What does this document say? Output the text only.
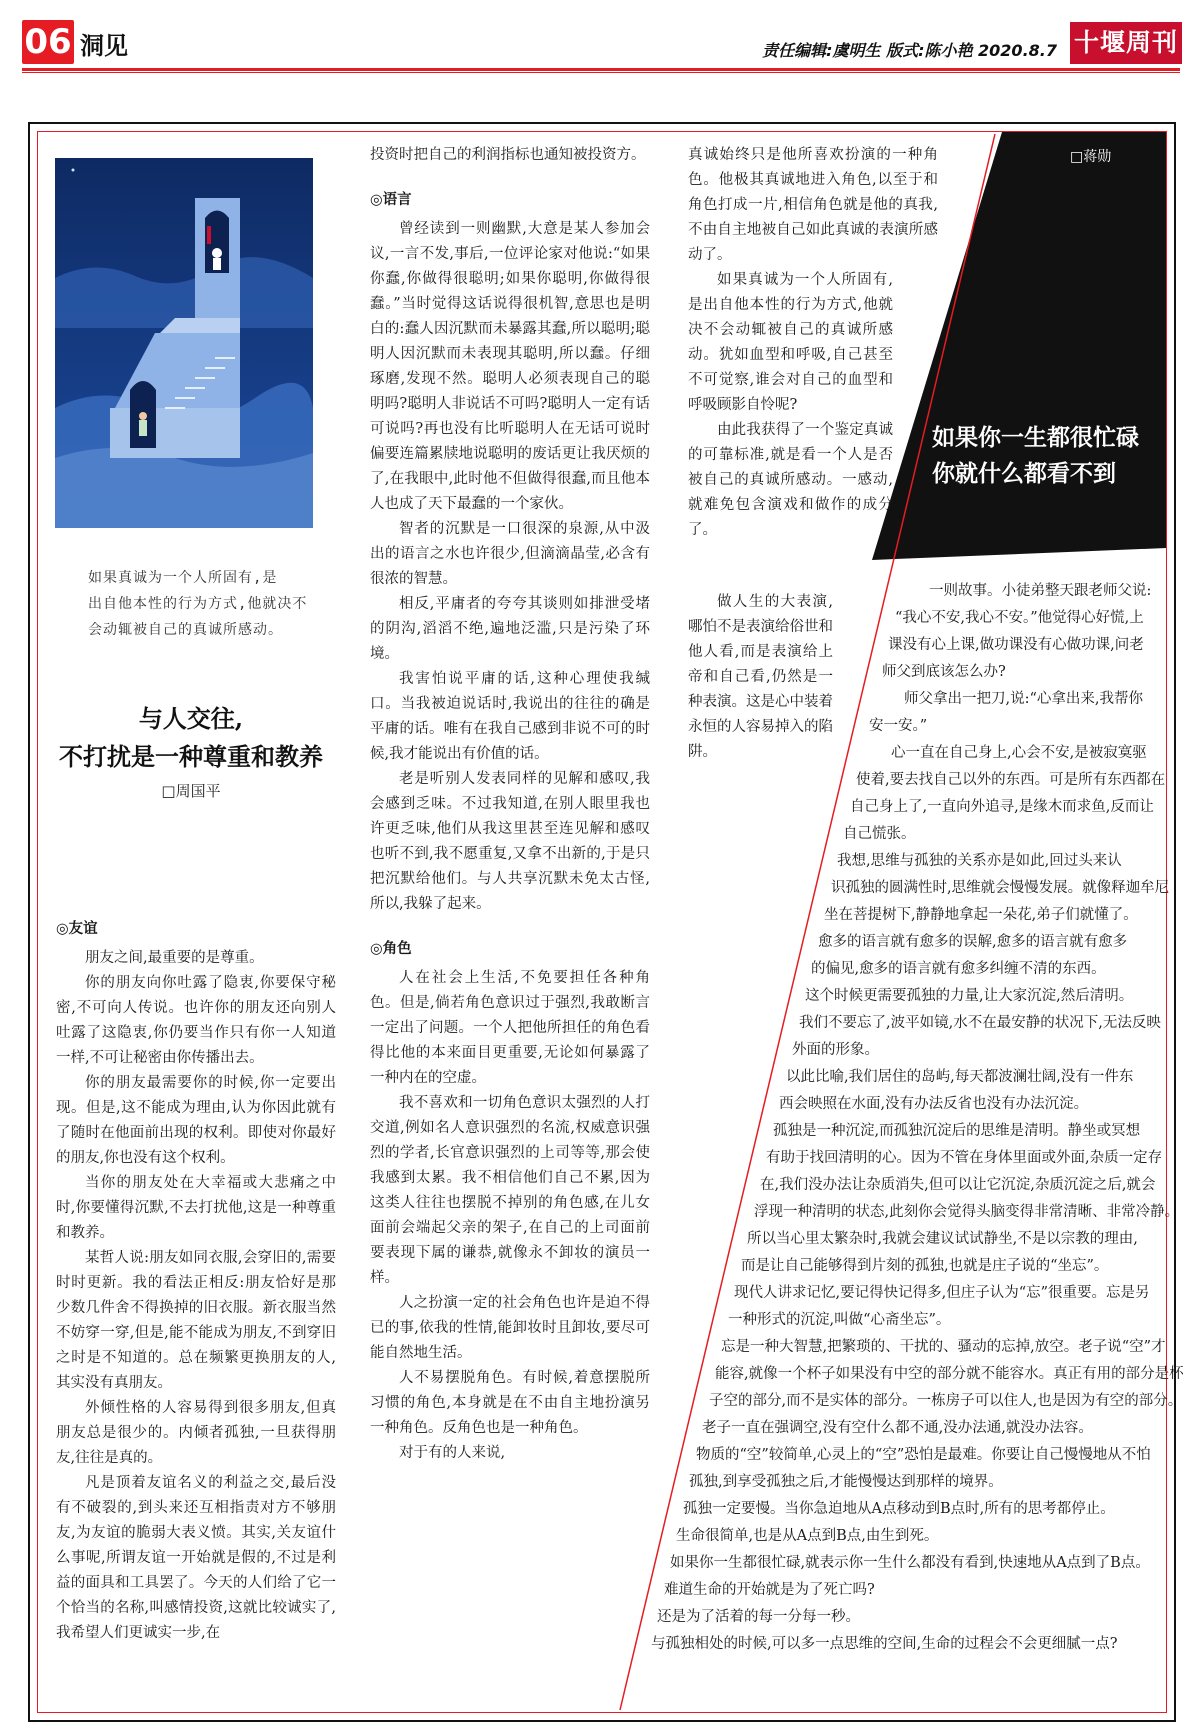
06 洞见	责任编辑:虞明生 版式:陈小艳 2020.8.7 十堰周刊

如果真诚为一个人所固有,是

出自他本性的行为方式,他就决不

会动辄被自己的真诚所感动。

与人交往,

不打扰是一种尊重和教养

□周国平
◎友谊

朋友之间,最重要的是尊重。

你的朋友向你吐露了隐衷,你要保守秘密,不可向人传说。也许你的朋友还向别人吐露了这隐衷,你仍要当作只有你一人知道一样,不可让秘密由你传播出去。

你的朋友最需要你的时候,你一定要出现。但是,这不能成为理由,认为你因此就有了随时在他面前出现的权利。即使对你最好的朋友,你也没有这个权利。

当你的朋友处在大幸福或大悲痛之中时,你要懂得沉默,不去打扰他,这是一种尊重和教养。

某哲人说:朋友如同衣服,会穿旧的,需要时时更新。我的看法正相反:朋友恰好是那少数几件舍不得换掉的旧衣服。新衣服当然不妨穿一穿,但是,能不能成为朋友,不到穿旧之时是不知道的。总在频繁更换朋友的人,其实没有真朋友。

外倾性格的人容易得到很多朋友,但真朋友总是很少的。内倾者孤独,一旦获得朋友,往往是真的。

凡是顶着友谊名义的利益之交,最后没有不破裂的,到头来还互相指责对方不够朋友,为友谊的脆弱大表义愤。其实,关友谊什么事呢,所谓友谊一开始就是假的,不过是利益的面具和工具罢了。今天的人们给了它一个恰当的名称,叫感情投资,这就比较诚实了,我希望人们更诚实一步,在

投资时把自己的利润指标也通知被投资方。

◎语言

曾经读到一则幽默,大意是某人参加会议,一言不发,事后,一位评论家对他说:“如果你蠢,你做得很聪明;如果你聪明,你做得很蠢。”当时觉得这话说得很机智,意思也是明白的:蠢人因沉默而未暴露其蠢,所以聪明;聪明人因沉默而未表现其聪明,所以蠢。仔细琢磨,发现不然。聪明人必须表现自己的聪明吗?聪明人非说话不可吗?聪明人一定有话可说吗?再也没有比听聪明人在无话可说时偏要连篇累牍地说聪明的废话更让我厌烦的了,在我眼中,此时他不但做得很蠢,而且他本人也成了天下最蠢的一个家伙。

智者的沉默是一口很深的泉源,从中汲出的语言之水也许很少,但滴滴晶莹,必含有很浓的智慧。

相反,平庸者的夸夸其谈则如排泄受堵的阴沟,滔滔不绝,遍地泛滥,只是污染了环境。

我害怕说平庸的话,这种心理使我缄口。当我被迫说话时,我说出的往往的确是平庸的话。唯有在我自己感到非说不可的时候,我才能说出有价值的话。

老是听别人发表同样的见解和感叹,我会感到乏味。不过我知道,在别人眼里我也许更乏味,他们从我这里甚至连见解和感叹也听不到,我不愿重复,又拿不出新的,于是只把沉默给他们。与人共享沉默未免太古怪,所以,我躲了起来。

◎角色

人在社会上生活,不免要担任各种角色。但是,倘若角色意识过于强烈,我敢断言一定出了问题。一个人把他所担任的角色看得比他的本来面目更重要,无论如何暴露了一种内在的空虚。

我不喜欢和一切角色意识太强烈的人打交道,例如名人意识强烈的名流,权威意识强烈的学者,长官意识强烈的上司等等,那会使我感到太累。我不相信他们自己不累,因为这类人往往也摆脱不掉别的角色感,在儿女面前会端起父亲的架子,在自己的上司面前要表现下属的谦恭,就像永不卸妆的演员一样。

人之扮演一定的社会角色也许是迫不得已的事,依我的性情,能卸妆时且卸妆,要尽可能自然地生活。

人不易摆脱角色。有时候,着意摆脱所习惯的角色,本身就是在不由自主地扮演另一种角色。反角色也是一种角色。

对于有的人来说,

真诚始终只是他所喜欢扮演的一种角色。他极其真诚地进入角色,以至于和角色打成一片,相信角色就是他的真我,不由自主地被自己如此真诚的表演所感动了。

如果真诚为一个人所固有,是出自他本性的行为方式,他就决不会动辄被自己的真诚所感动。犹如血型和呼吸,自己甚至不可觉察,谁会对自己的血型和呼吸顾影自怜呢?

由此我获得了一个鉴定真诚的可靠标准,就是看一个人是否被自己的真诚所感动。一感动,就难免包含演戏和做作的成分了。

做人生的大表演,哪怕不是表演给俗世和他人看,而是表演给上帝和自己看,仍然是一种表演。这是心中装着永恒的人容易掉入的陷阱。

□蒋勋

如果你一生都很忙碌

你就什么都看不到

一则故事。小徒弟整天跟老师父说:

“我心不安,我心不安。”他觉得心好慌,上

课没有心上课,做功课没有心做功课,问老

师父到底该怎么办?

师父拿出一把刀,说:“心拿出来,我帮你

安一安。”

心一直在自己身上,心会不安,是被寂寞驱

使着,要去找自己以外的东西。可是所有东西都在

自己身上了,一直向外追寻,是缘木而求鱼,反而让

自己慌张。

我想,思维与孤独的关系亦是如此,回过头来认

识孤独的圆满性时,思维就会慢慢发展。就像释迦牟尼

坐在菩提树下,静静地拿起一朵花,弟子们就懂了。

愈多的语言就有愈多的误解,愈多的语言就有愈多

的偏见,愈多的语言就有愈多纠缠不清的东西。

这个时候更需要孤独的力量,让大家沉淀,然后清明。

我们不要忘了,波平如镜,水不在最安静的状况下,无法反映

外面的形象。

以此比喻,我们居住的岛屿,每天都波澜壮阔,没有一件东

西会映照在水面,没有办法反省也没有办法沉淀。

孤独是一种沉淀,而孤独沉淀后的思维是清明。静坐或冥想

有助于找回清明的心。因为不管在身体里面或外面,杂质一定存

在,我们没办法让杂质消失,但可以让它沉淀,杂质沉淀之后,就会

浮现一种清明的状态,此刻你会觉得头脑变得非常清晰、非常冷静。

所以当心里太繁杂时,我就会建议试试静坐,不是以宗教的理由,

而是让自己能够得到片刻的孤独,也就是庄子说的“坐忘”。

现代人讲求记忆,要记得快记得多,但庄子认为“忘”很重要。忘是另

一种形式的沉淀,叫做“心斋坐忘”。

忘是一种大智慧,把繁琐的、干扰的、骚动的忘掉,放空。老子说“空”才

能容,就像一个杯子如果没有中空的部分就不能容水。真正有用的部分是杯

子空的部分,而不是实体的部分。一栋房子可以住人,也是因为有空的部分。

老子一直在强调空,没有空什么都不通,没办法通,就没办法容。

物质的“空”较简单,心灵上的“空”恐怕是最难。你要让自己慢慢地从不怕

孤独,到享受孤独之后,才能慢慢达到那样的境界。

孤独一定要慢。当你急迫地从A点移动到B点时,所有的思考都停止。

生命很简单,也是从A点到B点,由生到死。

如果你一生都很忙碌,就表示你一生什么都没有看到,快速地从A点到了B点。

难道生命的开始就是为了死亡吗?

还是为了活着的每一分每一秒。

与孤独相处的时候,可以多一点思维的空间,生命的过程会不会更细腻一点?
